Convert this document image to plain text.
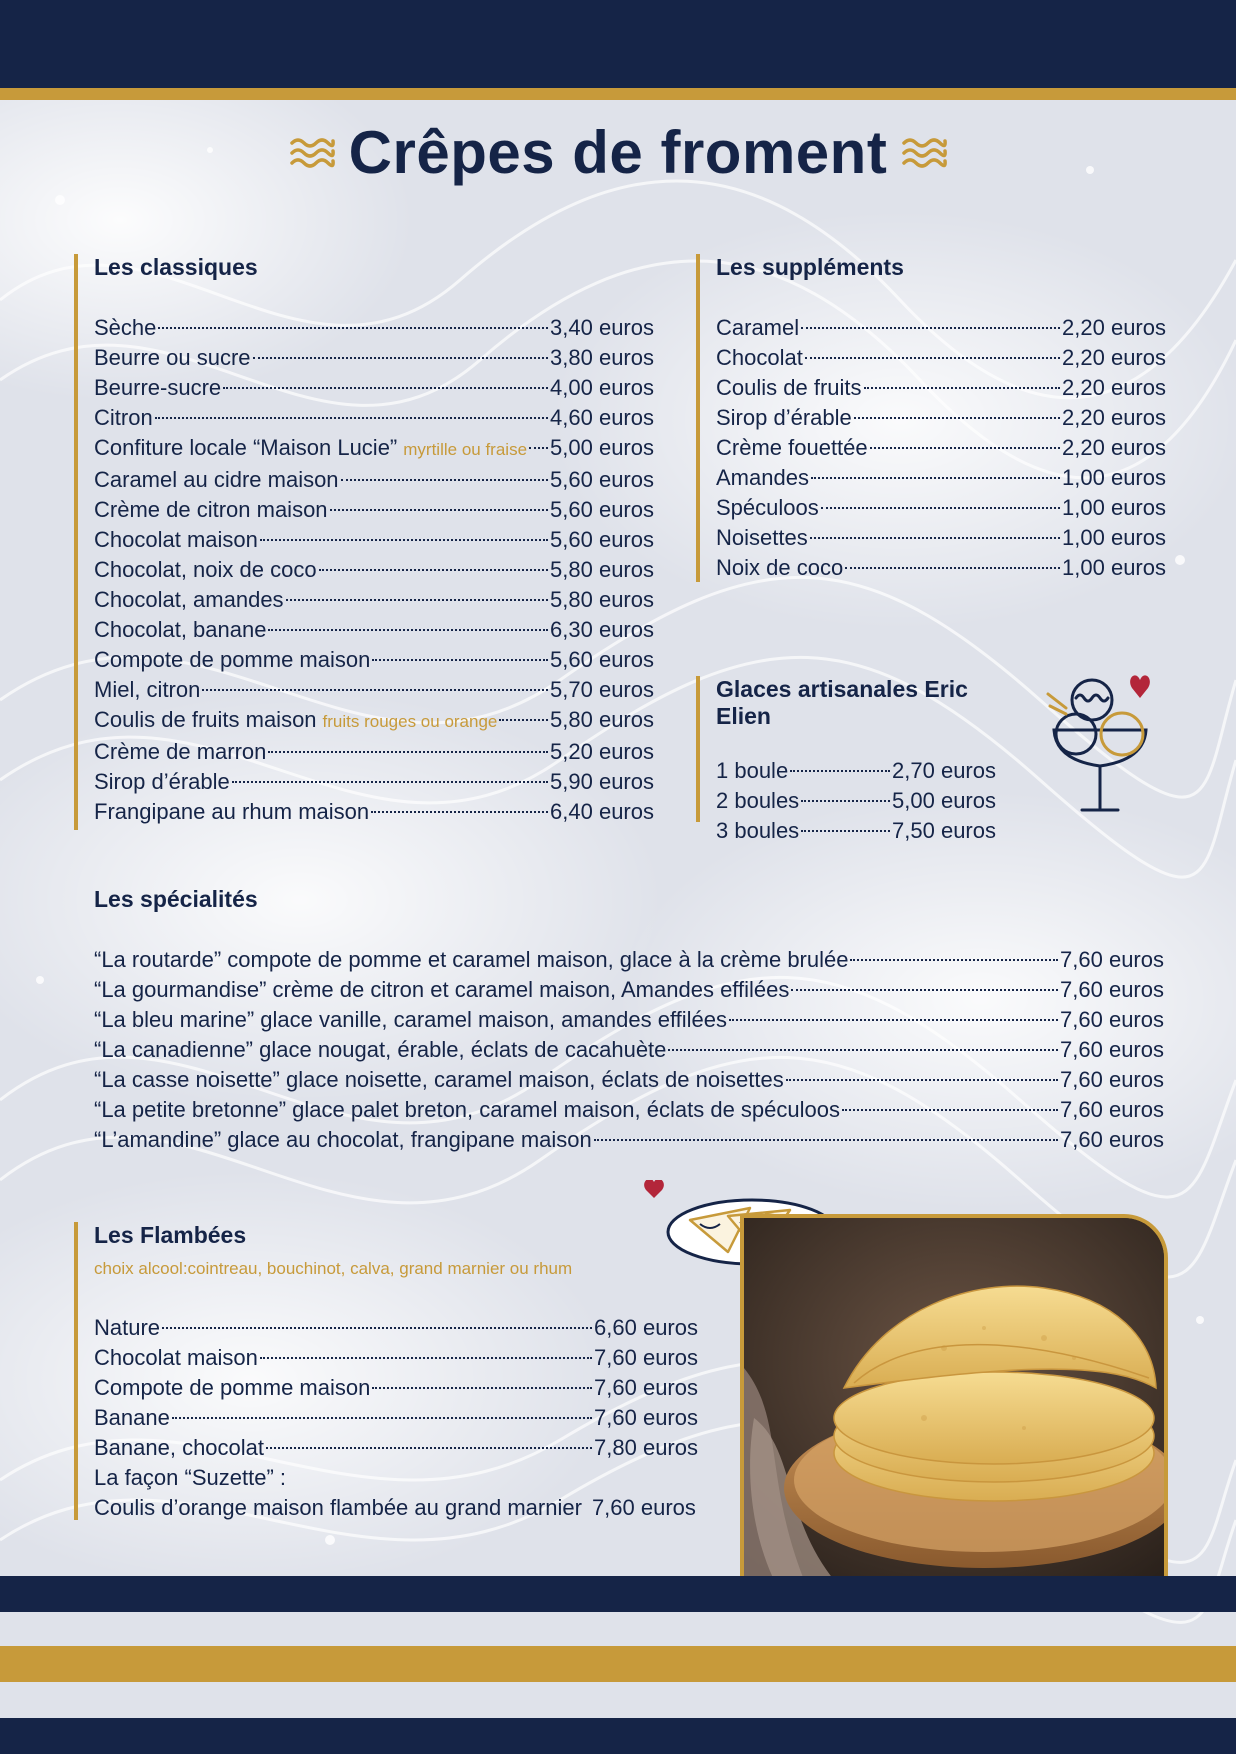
Crêpes de froment
Les classiques
Sèche	3,40 euros
Beurre ou sucre	3,80 euros
Beurre-sucre	4,00 euros
Citron	4,60 euros
Confiture locale “Maison Lucie” myrtille ou fraise 5,00 euros
Caramel au cidre maison	5,60 euros
Crème de citron maison	5,60 euros
Chocolat maison	5,60 euros
Chocolat, noix de coco	5,80 euros
Chocolat, amandes	5,80 euros
Chocolat, banane	6,30 euros
Compote de pomme maison	5,60 euros
Miel, citron	5,70 euros
Coulis de fruits maison fruits rouges ou orange 5,80 euros
Crème de marron	5,20 euros
Sirop d’érable	5,90 euros
Frangipane au rhum maison	6,40 euros
Les suppléments
Caramel	2,20 euros
Chocolat	2,20 euros
Coulis de fruits	2,20 euros
Sirop d’érable	2,20 euros
Crème fouettée	2,20 euros
Amandes	1,00 euros
Spéculoos	1,00 euros
Noisettes	1,00 euros
Noix de coco	1,00 euros
Glaces artisanales Eric Elien
1 boule	2,70 euros
2 boules	5,00 euros
3 boules	7,50 euros
Les spécialités
“La routarde” compote de pomme et caramel maison, glace à la crème brulée	7,60 euros
“La gourmandise” crème de citron et caramel maison, Amandes effilées	7,60 euros
“La bleu marine” glace vanille, caramel maison, amandes effilées	7,60 euros
“La canadienne” glace nougat, érable, éclats de cacahuète	7,60 euros
“La casse noisette” glace noisette, caramel maison, éclats de noisettes	7,60 euros
“La petite bretonne” glace palet breton, caramel maison, éclats de spéculoos	7,60 euros
“L’amandine” glace au chocolat, frangipane maison	7,60 euros
Les Flambées
choix alcool:cointreau, bouchinot, calva, grand marnier ou rhum
Nature	6,60 euros
Chocolat maison	7,60 euros
Compote de pomme maison	7,60 euros
Banane	7,60 euros
Banane, chocolat	7,80 euros
La façon “Suzette” :
Coulis d’orange maison flambée au grand marnier 7,60 euros
